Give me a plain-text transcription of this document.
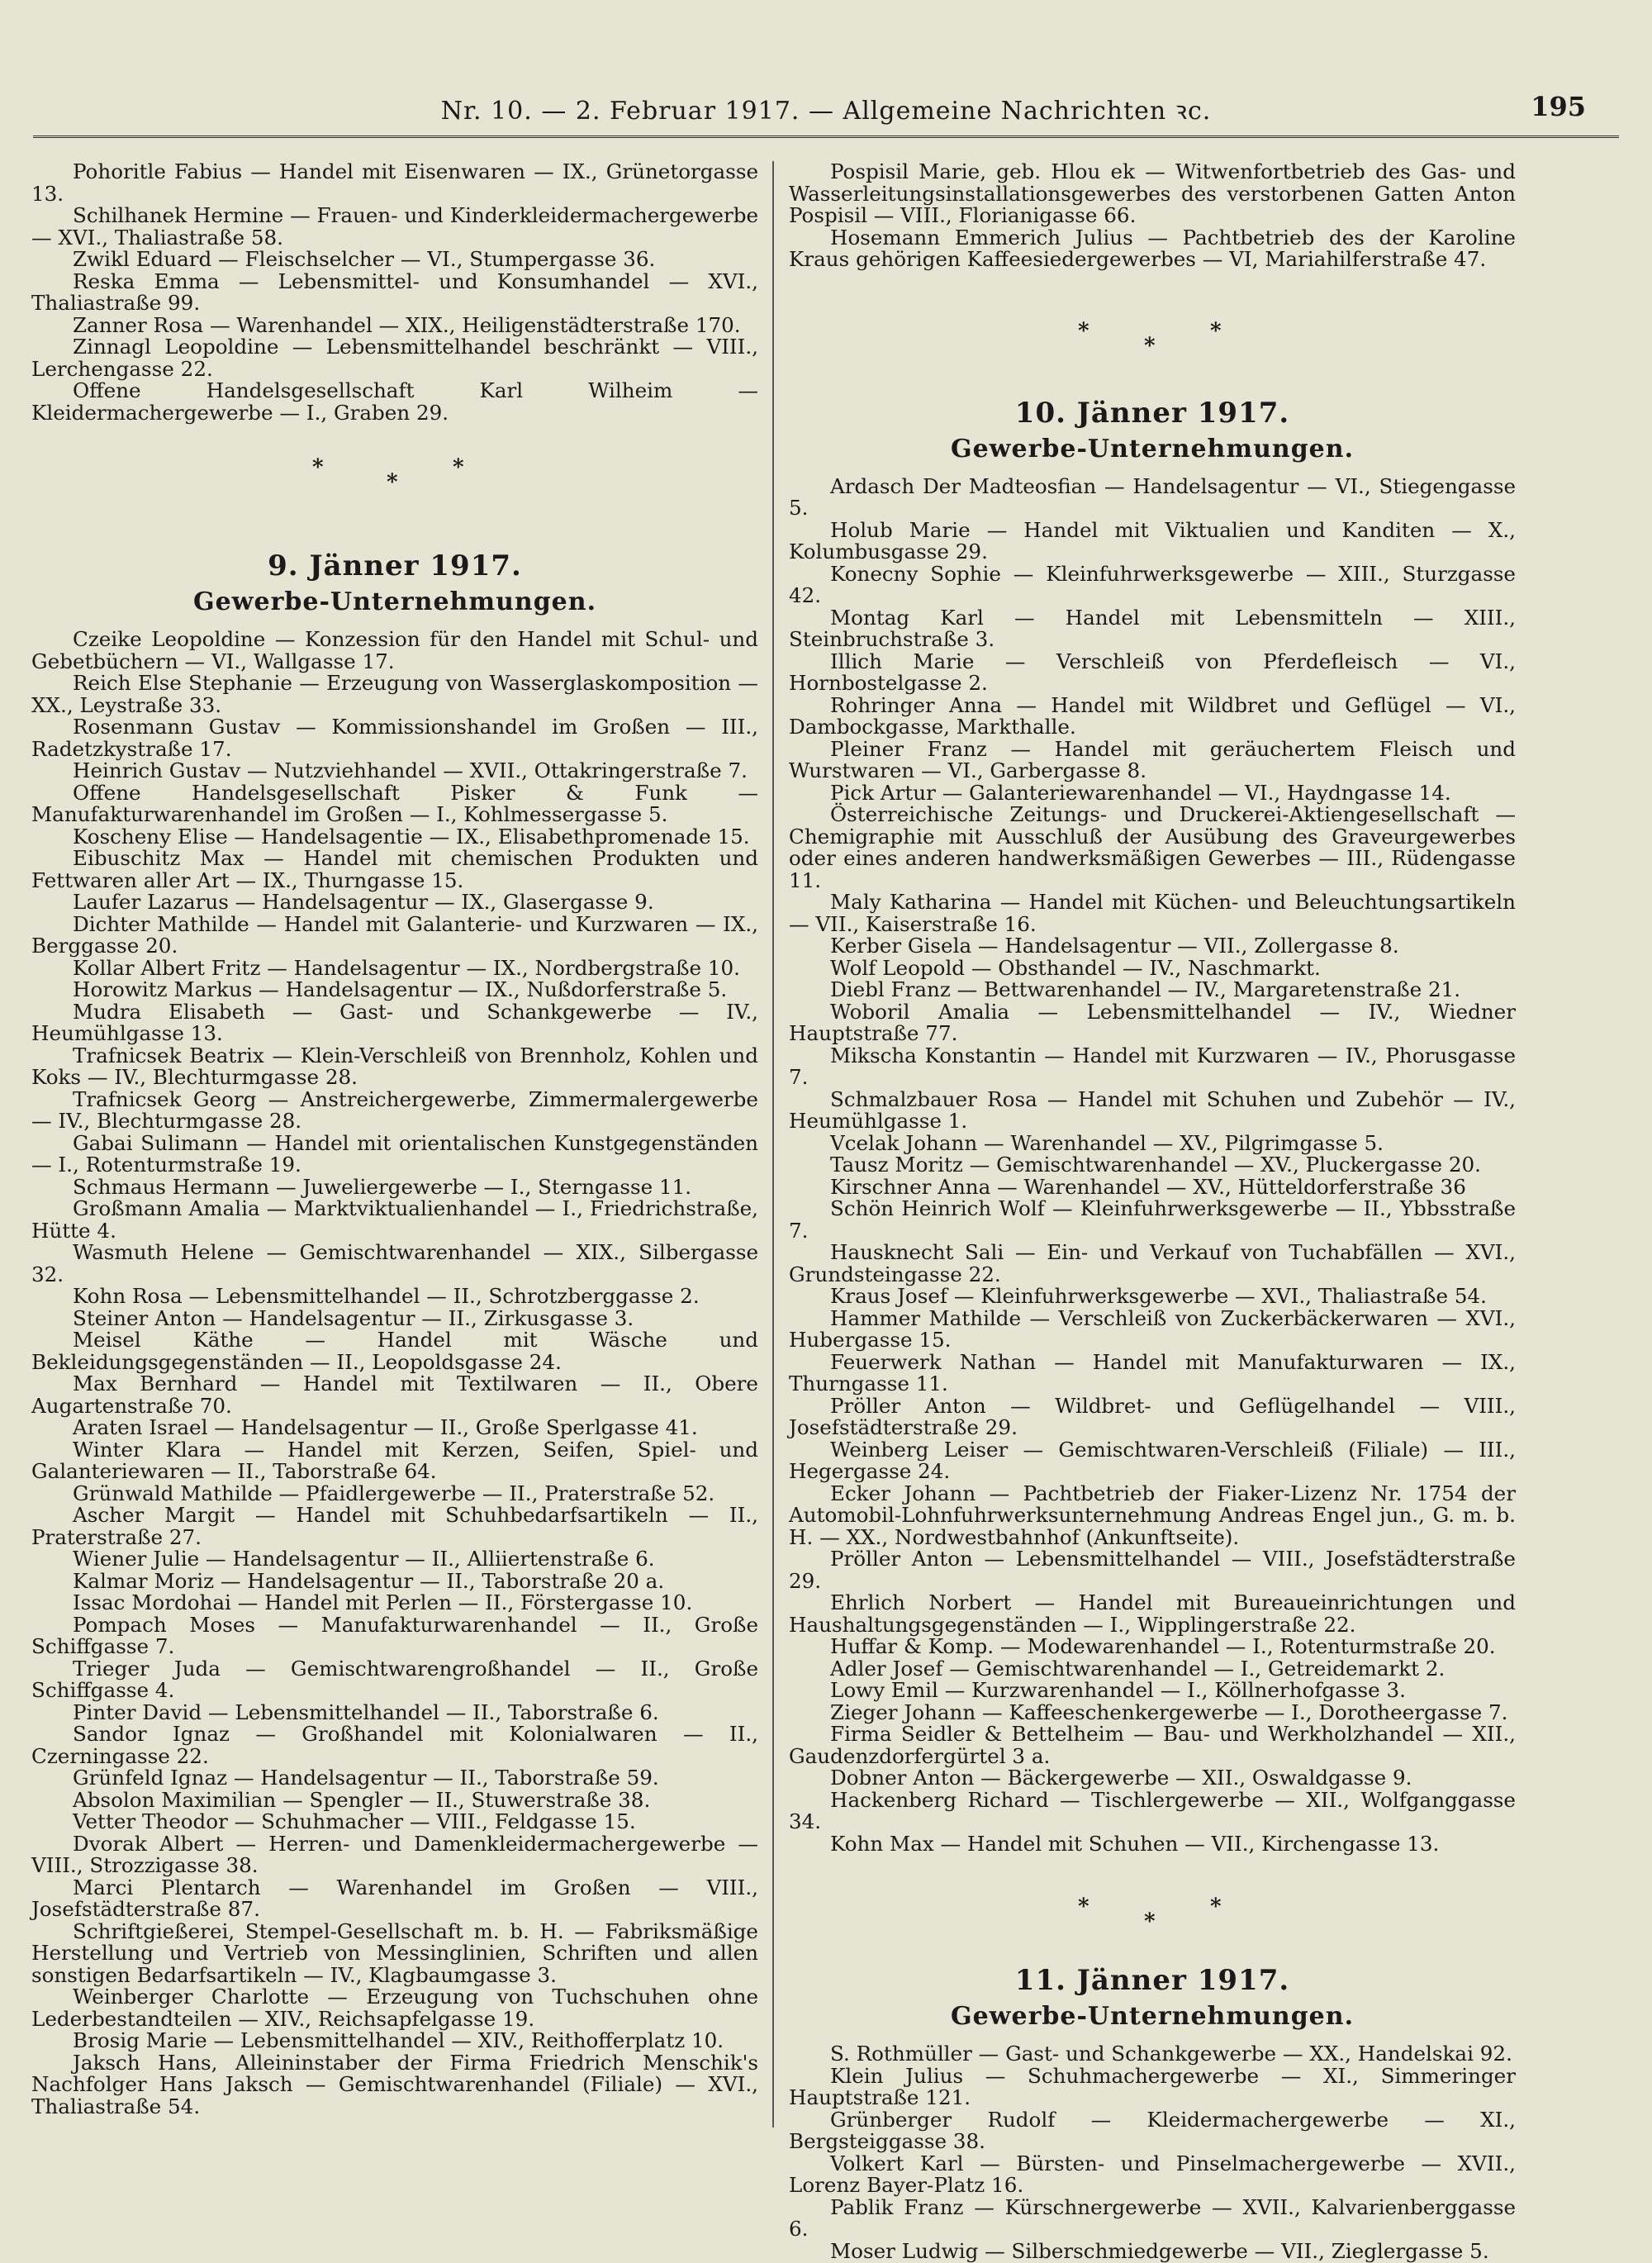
Nr. 10. — 2. Februar 1917. — Allgemeine Nachrichten ꝛc.	195

Pohoritle Fabius — Handel mit Eisenwaren — IX., Grünetorgasse 13.

Schilhanek Hermine — Frauen- und Kinderkleidermachergewerbe — XVI., Thaliastraße 58.

Zwikl Eduard — Fleischselcher — VI., Stumpergasse 36.

Reska Emma — Lebensmittel- und Konsumhandel — XVI., Thaliastraße 99.

Zanner Rosa — Warenhandel — XIX., Heiligenstädterstraße 170.

Zinnagl Leopoldine — Lebensmittelhandel beschränkt — VIII., Lerchengasse 22.

Offene Handelsgesellschaft Karl Wilheim — Kleidermachergewerbe — I., Graben 29.

*
*
*

9. Jänner 1917.

Gewerbe-Unternehmungen.

Czeike Leopoldine — Konzession für den Handel mit Schul- und Gebetbüchern — VI., Wallgasse 17.

Reich Else Stephanie — Erzeugung von Wasserglaskomposition — XX., Leystraße 33.

Rosenmann Gustav — Kommissionshandel im Großen — III., Radetzkystraße 17.

Heinrich Gustav — Nutzviehhandel — XVII., Ottakringerstraße 7.

Offene Handelsgesellschaft Pisker & Funk — Manufakturwarenhandel im Großen — I., Kohlmessergasse 5.

Koscheny Elise — Handelsagentie — IX., Elisabethpromenade 15.

Eibuschitz Max — Handel mit chemischen Produkten und Fettwaren aller Art — IX., Thurngasse 15.

Laufer Lazarus — Handelsagentur — IX., Glasergasse 9.

Dichter Mathilde — Handel mit Galanterie- und Kurzwaren — IX., Berggasse 20.

Kollar Albert Fritz — Handelsagentur — IX., Nordbergstraße 10.

Horowitz Markus — Handelsagentur — IX., Nußdorferstraße 5.

Mudra Elisabeth — Gast- und Schankgewerbe — IV., Heumühlgasse 13.

Trafnicsek Beatrix — Klein-Verschleiß von Brennholz, Kohlen und Koks — IV., Blechturmgasse 28.

Trafnicsek Georg — Anstreichergewerbe, Zimmermalergewerbe — IV., Blechturmgasse 28.

Gabai Sulimann — Handel mit orientalischen Kunstgegenständen — I., Rotenturmstraße 19.

Schmaus Hermann — Juweliergewerbe — I., Sterngasse 11.

Großmann Amalia — Marktviktualienhandel — I., Friedrichstraße, Hütte 4.

Wasmuth Helene — Gemischtwarenhandel — XIX., Silbergasse 32.

Kohn Rosa — Lebensmittelhandel — II., Schrotzberggasse 2.

Steiner Anton — Handelsagentur — II., Zirkusgasse 3.

Meisel Käthe — Handel mit Wäsche und Bekleidungsgegenständen — II., Leopoldsgasse 24.

Max Bernhard — Handel mit Textilwaren — II., Obere Augartenstraße 70.

Araten Israel — Handelsagentur — II., Große Sperlgasse 41.

Winter Klara — Handel mit Kerzen, Seifen, Spiel- und Galanteriewaren — II., Taborstraße 64.

Grünwald Mathilde — Pfaidlergewerbe — II., Praterstraße 52.

Ascher Margit — Handel mit Schuhbedarfsartikeln — II., Praterstraße 27.

Wiener Julie — Handelsagentur — II., Alliiertenstraße 6.

Kalmar Moriz — Handelsagentur — II., Taborstraße 20 a.

Issac Mordohai — Handel mit Perlen — II., Förstergasse 10.

Pompach Moses — Manufakturwarenhandel — II., Große Schiffgasse 7.

Trieger Juda — Gemischtwarengroßhandel — II., Große Schiffgasse 4.

Pinter David — Lebensmittelhandel — II., Taborstraße 6.

Sandor Ignaz — Großhandel mit Kolonialwaren — II., Czerningasse 22.

Grünfeld Ignaz — Handelsagentur — II., Taborstraße 59.

Absolon Maximilian — Spengler — II., Stuwerstraße 38.

Vetter Theodor — Schuhmacher — VIII., Feldgasse 15.

Dvorak Albert — Herren- und Damenkleidermachergewerbe — VIII., Strozzigasse 38.

Marci Plentarch — Warenhandel im Großen — VIII., Josefstädterstraße 87.

Schriftgießerei, Stempel-Gesellschaft m. b. H. — Fabriksmäßige Herstellung und Vertrieb von Messinglinien, Schriften und allen sonstigen Bedarfsartikeln — IV., Klagbaumgasse 3.

Weinberger Charlotte — Erzeugung von Tuchschuhen ohne Lederbestandteilen — XIV., Reichsapfelgasse 19.

Brosig Marie — Lebensmittelhandel — XIV., Reithofferplatz 10.

Jaksch Hans, Alleininstaber der Firma Friedrich Menschik's Nachfolger Hans Jaksch — Gemischtwarenhandel (Filiale) — XVI., Thaliastraße 54.

Pospisil Marie, geb. Hlou ek — Witwenfortbetrieb des Gas- und Wasserleitungsinstallationsgewerbes des verstorbenen Gatten Anton Pospisil — VIII., Florianigasse 66.

Hosemann Emmerich Julius — Pachtbetrieb des der Karoline Kraus gehörigen Kaffeesiedergewerbes — VI, Mariahilferstraße 47.

*
*
*

10. Jänner 1917.

Gewerbe-Unternehmungen.

Ardasch Der Madteosfian — Handelsagentur — VI., Stiegengasse 5.

Holub Marie — Handel mit Viktualien und Kanditen — X., Kolumbusgasse 29.

Konecny Sophie — Kleinfuhrwerksgewerbe — XIII., Sturzgasse 42.

Montag Karl — Handel mit Lebensmitteln — XIII., Steinbruchstraße 3.

Illich Marie — Verschleiß von Pferdefleisch — VI., Hornbostelgasse 2.

Rohringer Anna — Handel mit Wildbret und Geflügel — VI., Dambockgasse, Markthalle.

Pleiner Franz — Handel mit geräuchertem Fleisch und Wurstwaren — VI., Garbergasse 8.

Pick Artur — Galanteriewarenhandel — VI., Haydngasse 14.

Österreichische Zeitungs- und Druckerei-Aktiengesellschaft — Chemigraphie mit Ausschluß der Ausübung des Graveurgewerbes oder eines anderen handwerksmäßigen Gewerbes — III., Rüdengasse 11.

Maly Katharina — Handel mit Küchen- und Beleuchtungsartikeln — VII., Kaiserstraße 16.

Kerber Gisela — Handelsagentur — VII., Zollergasse 8.

Wolf Leopold — Obsthandel — IV., Naschmarkt.

Diebl Franz — Bettwarenhandel — IV., Margaretenstraße 21.

Woboril Amalia — Lebensmittelhandel — IV., Wiedner Hauptstraße 77.

Mikscha Konstantin — Handel mit Kurzwaren — IV., Phorusgasse 7.

Schmalzbauer Rosa — Handel mit Schuhen und Zubehör — IV., Heumühlgasse 1.

Vcelak Johann — Warenhandel — XV., Pilgrimgasse 5.

Tausz Moritz — Gemischtwarenhandel — XV., Pluckergasse 20.

Kirschner Anna — Warenhandel — XV., Hütteldorferstraße 36

Schön Heinrich Wolf — Kleinfuhrwerksgewerbe — II., Ybbsstraße 7.

Hausknecht Sali — Ein- und Verkauf von Tuchabfällen — XVI., Grundsteingasse 22.

Kraus Josef — Kleinfuhrwerksgewerbe — XVI., Thaliastraße 54.

Hammer Mathilde — Verschleiß von Zuckerbäckerwaren — XVI., Hubergasse 15.

Feuerwerk Nathan — Handel mit Manufakturwaren — IX., Thurngasse 11.

Pröller Anton — Wildbret- und Geflügelhandel — VIII., Josefstädterstraße 29.

Weinberg Leiser — Gemischtwaren-Verschleiß (Filiale) — III., Hegergasse 24.

Ecker Johann — Pachtbetrieb der Fiaker-Lizenz Nr. 1754 der Automobil-Lohnfuhrwerksunternehmung Andreas Engel jun., G. m. b. H. — XX., Nordwestbahnhof (Ankunftseite).

Pröller Anton — Lebensmittelhandel — VIII., Josefstädterstraße 29.

Ehrlich Norbert — Handel mit Bureaueinrichtungen und Haushaltungsgegenständen — I., Wipplingerstraße 22.

Huffar & Komp. — Modewarenhandel — I., Rotenturmstraße 20.

Adler Josef — Gemischtwarenhandel — I., Getreidemarkt 2.

Lowy Emil — Kurzwarenhandel — I., Köllnerhofgasse 3.

Zieger Johann — Kaffeeschenkergewerbe — I., Dorotheergasse 7.

Firma Seidler & Bettelheim — Bau- und Werkholzhandel — XII., Gaudenzdorfergürtel 3 a.

Dobner Anton — Bäckergewerbe — XII., Oswaldgasse 9.

Hackenberg Richard — Tischlergewerbe — XII., Wolfganggasse 34.

Kohn Max — Handel mit Schuhen — VII., Kirchengasse 13.

*
*
*

11. Jänner 1917.

Gewerbe-Unternehmungen.

S. Rothmüller — Gast- und Schankgewerbe — XX., Handelskai 92.

Klein Julius — Schuhmachergewerbe — XI., Simmeringer Hauptstraße 121.

Grünberger Rudolf — Kleidermachergewerbe — XI., Bergsteiggasse 38.

Volkert Karl — Bürsten- und Pinselmachergewerbe — XVII., Lorenz Bayer-Platz 16.

Pablik Franz — Kürschnergewerbe — XVII., Kalvarienberggasse 6.

Moser Ludwig — Silberschmiedgewerbe — VII., Zieglergasse 5.
